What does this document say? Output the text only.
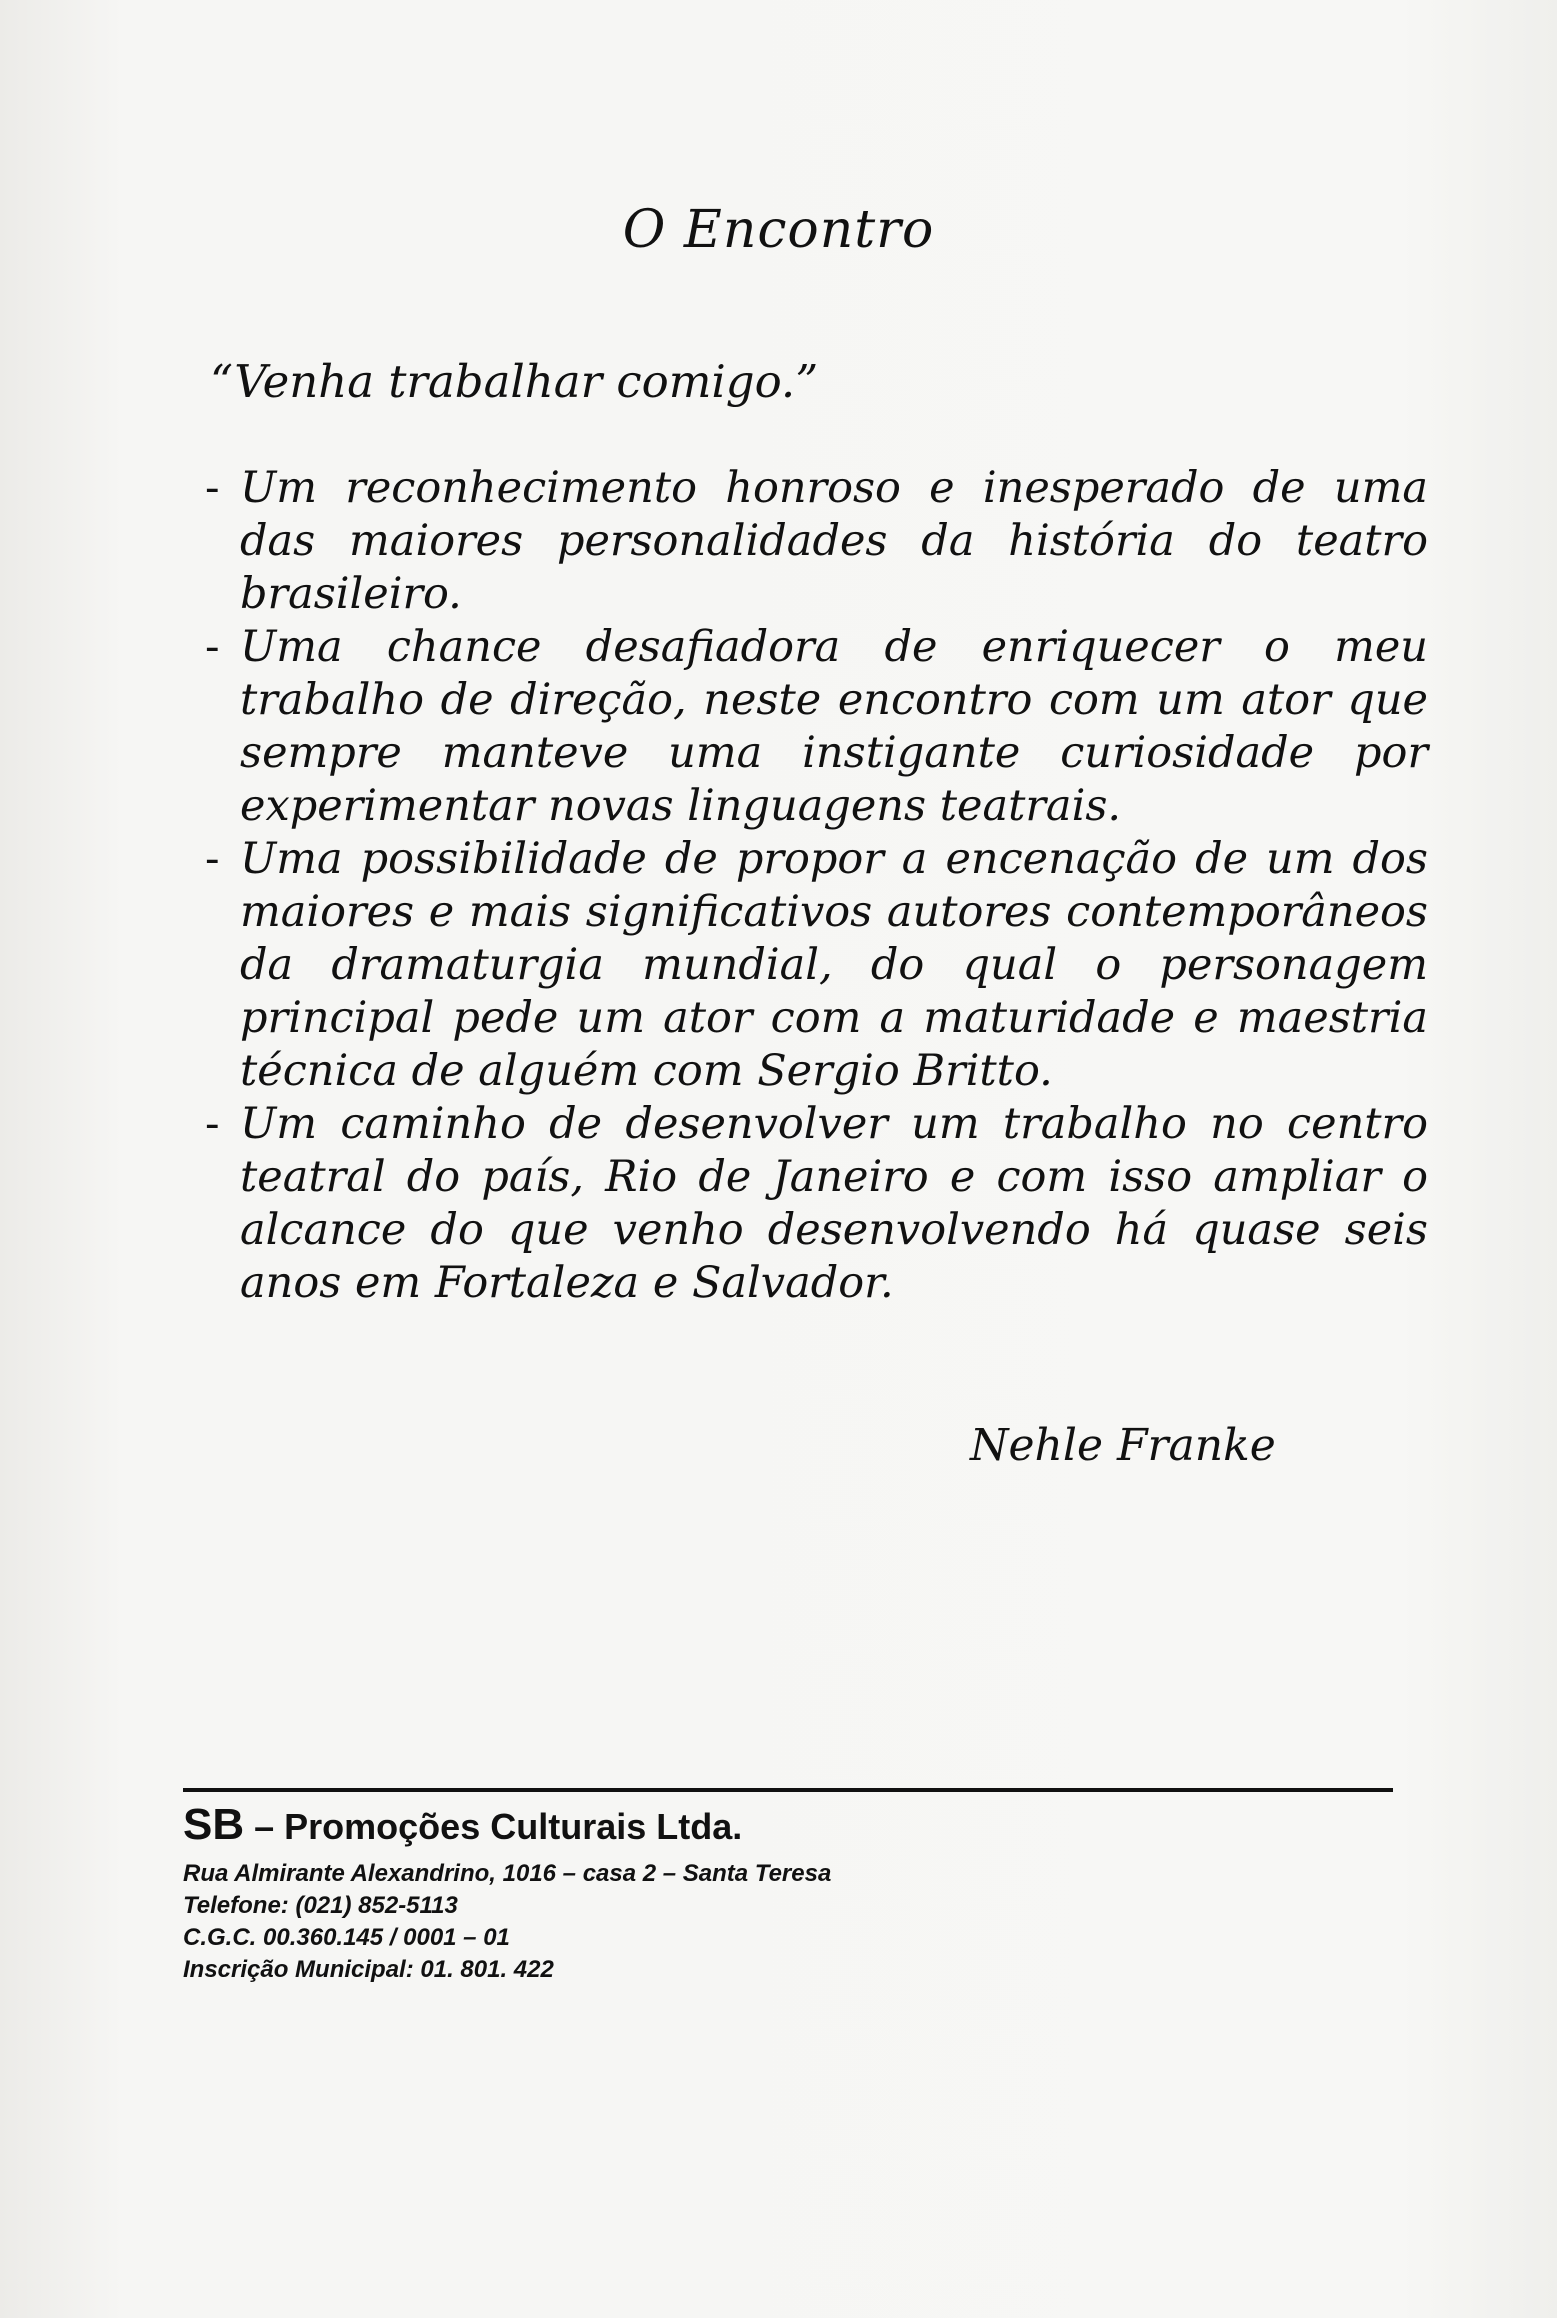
O Encontro

“Venha trabalhar comigo.”

- Um reconhecimento honroso e inesperado de uma das maiores personalidades da história do teatro brasileiro.
- Uma chance desafiadora de enriquecer o meu trabalho de direção, neste encontro com um ator que sempre manteve uma instigante curiosidade por experimentar novas linguagens teatrais.
- Uma possibilidade de propor a encenação de um dos maiores e mais significativos autores contemporâneos da dramaturgia mundial, do qual o personagem principal pede um ator com a maturidade e maestria técnica de alguém com Sergio Britto.
- Um caminho de desenvolver um trabalho no centro teatral do país, Rio de Janeiro e com isso ampliar o alcance do que venho desenvolvendo há quase seis anos em Fortaleza e Salvador.

Nehle Franke

SB – Promoções Culturais Ltda.

Rua Almirante Alexandrino, 1016 – casa 2 – Santa Teresa

Telefone: (021) 852-5113

C.G.C. 00.360.145 / 0001 – 01

Inscrição Municipal: 01. 801. 422
